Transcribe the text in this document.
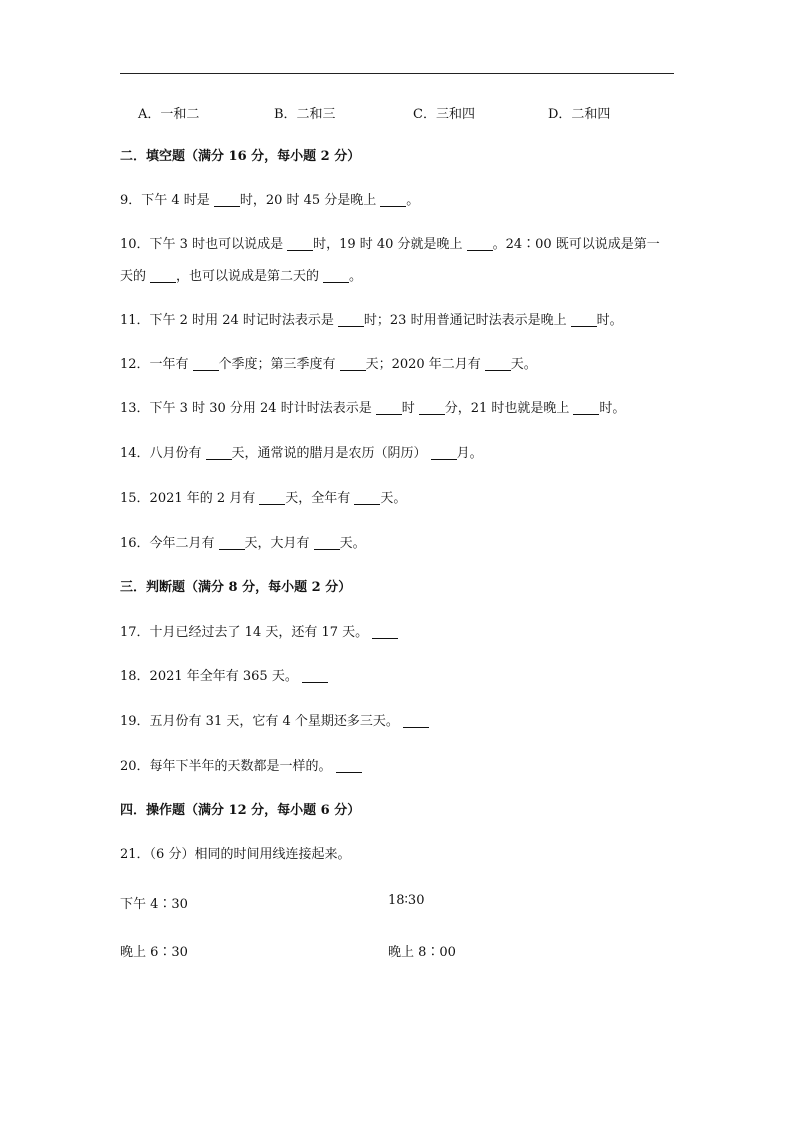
A．一和二	B．二和三	C．三和四	D．二和四
二．填空题（满分 16 分，每小题 2 分）
9．下午 4 时是 时，20 时 45 分是晚上 。
10．下午 3 时也可以说成是 时，19 时 40 分就是晚上 。24∶00 既可以说成是第一
天的 ，也可以说成是第二天的 。
11．下午 2 时用 24 时记时法表示是 时；23 时用普通记时法表示是晚上 时。
12．一年有 个季度；第三季度有 天；2020 年二月有 天。
13．下午 3 时 30 分用 24 时计时法表示是 时 分，21 时也就是晚上 时。
14．八月份有 天，通常说的腊月是农历（阴历） 月。
15．2021 年的 2 月有 天，全年有 天。
16．今年二月有 天，大月有 天。
三．判断题（满分 8 分，每小题 2 分）
17．十月已经过去了 14 天，还有 17 天。
18．2021 年全年有 365 天。
19．五月份有 31 天，它有 4 个星期还多三天。
20．每年下半年的天数都是一样的。
四．操作题（满分 12 分，每小题 6 分）
21．（6 分）相同的时间用线连接起来。
下午 4∶30	18∶30
晚上 6∶30	晚上 8∶00
